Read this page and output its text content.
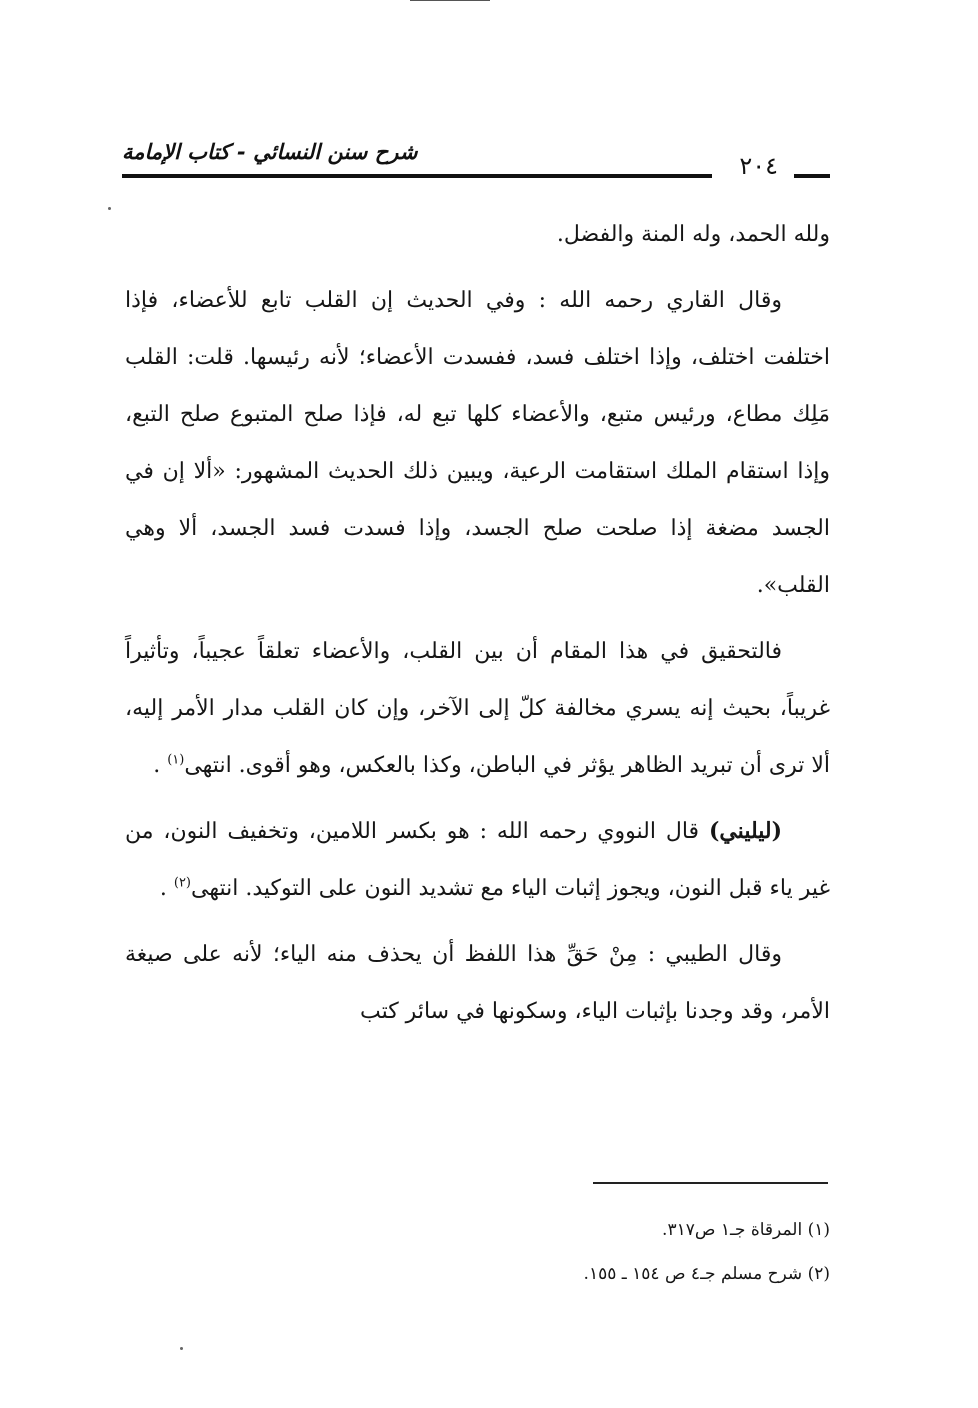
شرح سنن النسائي - كتاب الإمامة	٢٠٤

ولله الحمد، وله المنة والفضل.

وقال القاري رحمه الله : وفي الحديث إن القلب تابع للأعضاء، فإذا اختلفت اختلف، وإذا اختلف فسد، ففسدت الأعضاء؛ لأنه رئيسها. قلت: القلب مَلِك مطاع، ورئيس متبع، والأعضاء كلها تبع له، فإذا صلح المتبوع صلح التبع، وإذا استقام الملك استقامت الرعية، ويبين ذلك الحديث المشهور: «ألا إن في الجسد مضغة إذا صلحت صلح الجسد، وإذا فسدت فسد الجسد، ألا وهي القلب».

فالتحقيق في هذا المقام أن بين القلب، والأعضاء تعلقاً عجيباً، وتأثيراً غريباً، بحيث إنه يسري مخالفة كلّ إلى الآخر، وإن كان القلب مدار الأمر إليه، ألا ترى أن تبريد الظاهر يؤثر في الباطن، وكذا بالعكس، وهو أقوى. انتهى$^{(١)}$ .

(ليليني) قال النووي رحمه الله : هو بكسر اللامين، وتخفيف النون، من غير ياء قبل النون، ويجوز إثبات الياء مع تشديد النون على التوكيد. انتهى$^{(٢)}$ .

وقال الطيبي : مِنْ حَقِّ هذا اللفظ أن يحذف منه الياء؛ لأنه على صيغة الأمر، وقد وجدنا بإثبات الياء، وسكونها في سائر كتب

(١) المرقاة جـ١ ص٣١٧.
(٢) شرح مسلم جـ٤ ص ١٥٤ ـ ١٥٥.
